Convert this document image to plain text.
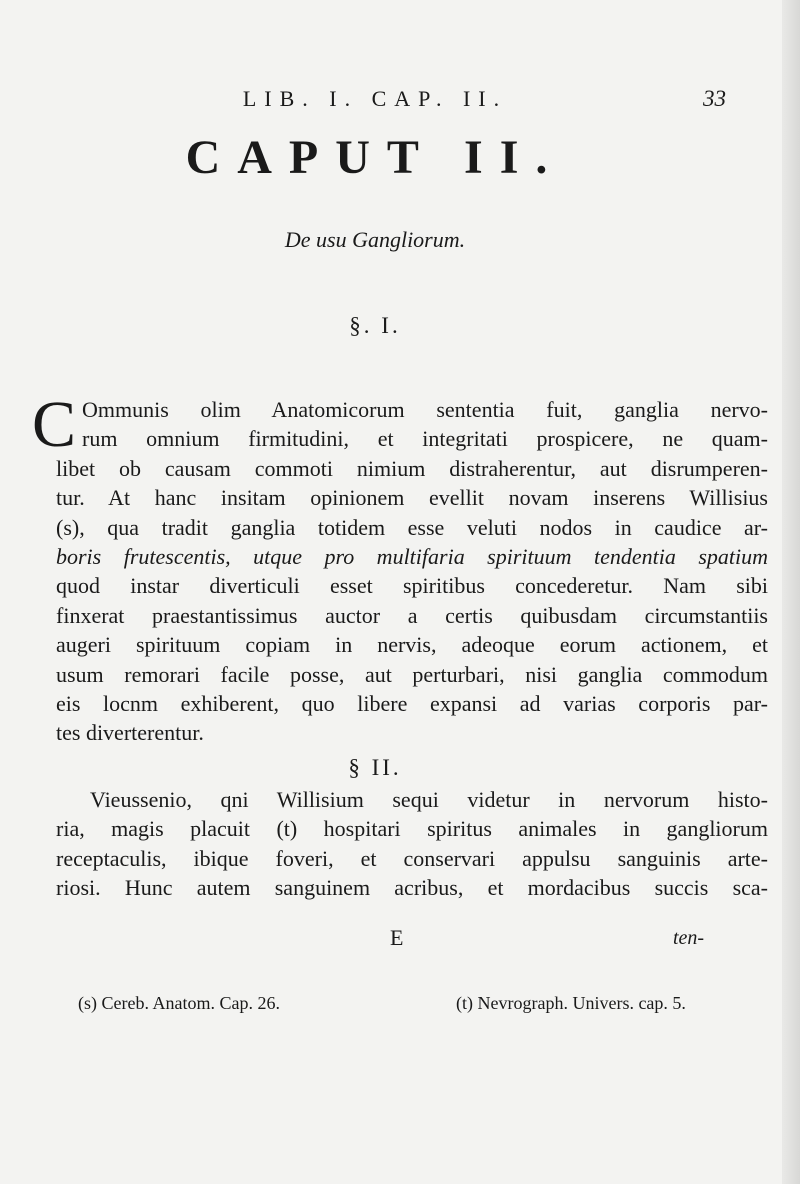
LIB. I. CAP. II.	33
CAPUT II.
De usu Gangliorum.
§. I.
C Ommunis olim Anatomicorum sententia fuit, ganglia nervo-
rum omnium firmitudini, et integritati prospicere, ne quam-
libet ob causam commoti nimium distraherentur, aut disrumperen-
tur. At hanc insitam opinionem evellit novam inserens Willisius
(s), qua tradit ganglia totidem esse veluti nodos in caudice ar-
boris frutescentis, utque pro multifaria spirituum tendentia spatium
quod instar diverticuli esset spiritibus concederetur. Nam sibi
finxerat praestantissimus auctor a certis quibusdam circumstantiis
augeri spirituum copiam in nervis, adeoque eorum actionem, et
usum remorari facile posse, aut perturbari, nisi ganglia commodum
eis locnm exhiberent, quo libere expansi ad varias corporis par-
tes diverterentur.
§ II.
Vieussenio, qni Willisium sequi videtur in nervorum histo-
ria, magis placuit (t) hospitari spiritus animales in gangliorum
receptaculis, ibique foveri, et conservari appulsu sanguinis arte-
riosi. Hunc autem sanguinem acribus, et mordacibus succis sca-
E	ten-
(s) Cereb. Anatom. Cap. 26.	(t) Nevrograph. Univers. cap. 5.
